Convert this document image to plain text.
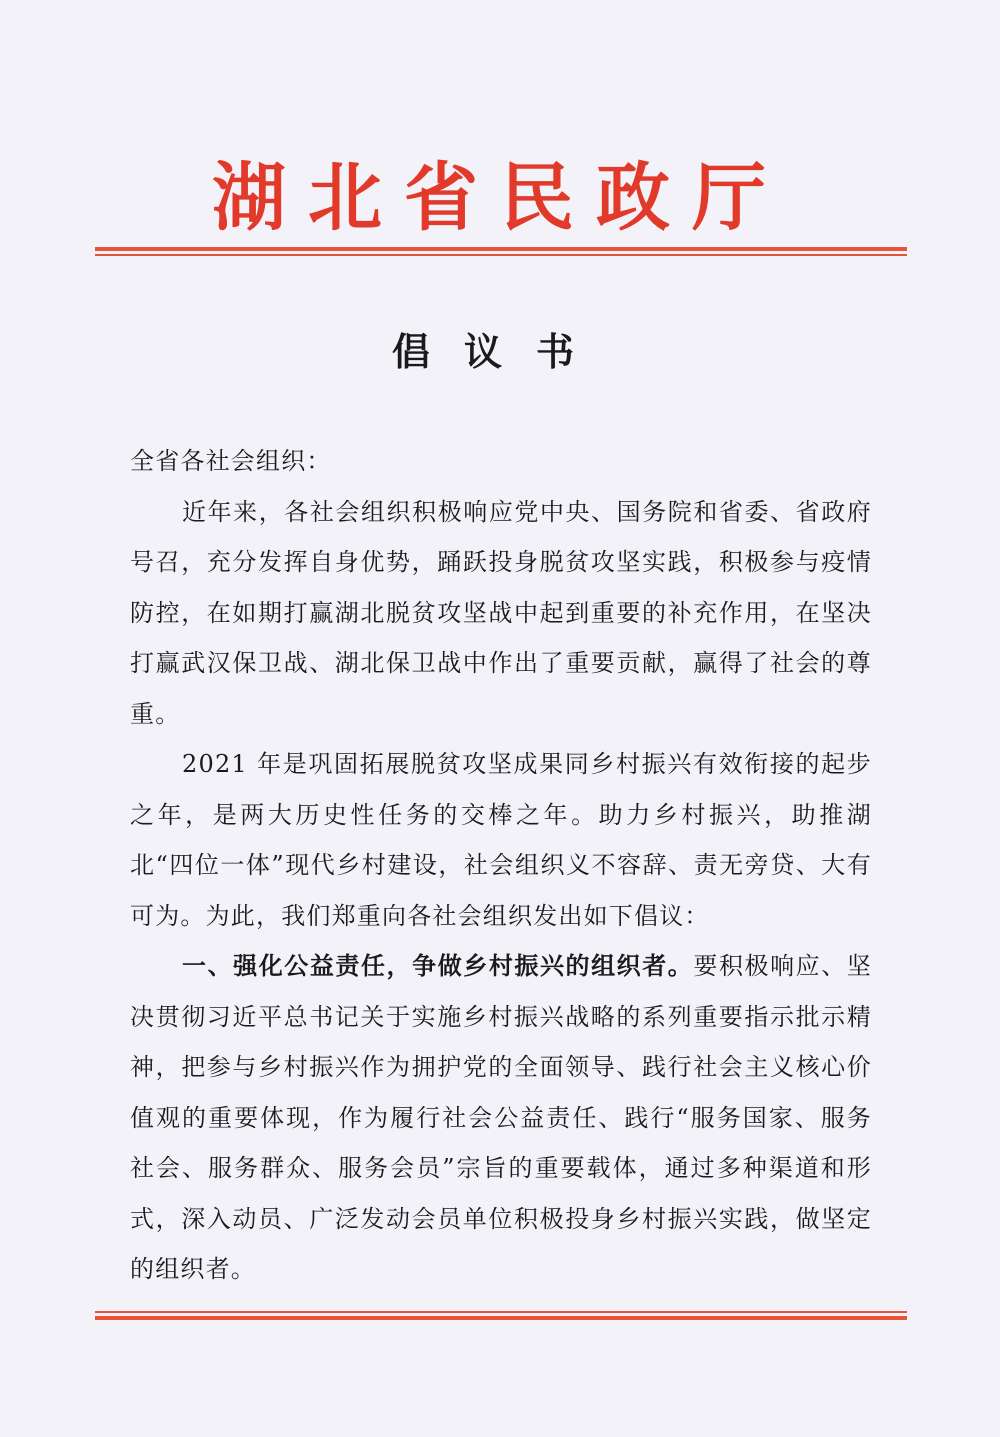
湖北省民政厅
倡议书

全省各社会组织：

近年来，各社会组织积极响应党中央、国务院和省委、省政府号召，充分发挥自身优势，踊跃投身脱贫攻坚实践，积极参与疫情防控，在如期打赢湖北脱贫攻坚战中起到重要的补充作用，在坚决打赢武汉保卫战、湖北保卫战中作出了重要贡献，赢得了社会的尊重。

2021 年是巩固拓展脱贫攻坚成果同乡村振兴有效衔接的起步之年，是两大历史性任务的交棒之年。助力乡村振兴，助推湖北“四位一体”现代乡村建设，社会组织义不容辞、责无旁贷、大有可为。为此，我们郑重向各社会组织发出如下倡议：

一、强化公益责任，争做乡村振兴的组织者。要积极响应、坚决贯彻习近平总书记关于实施乡村振兴战略的系列重要指示批示精神，把参与乡村振兴作为拥护党的全面领导、践行社会主义核心价值观的重要体现，作为履行社会公益责任、践行“服务国家、服务社会、服务群众、服务会员”宗旨的重要载体，通过多种渠道和形式，深入动员、广泛发动会员单位积极投身乡村振兴实践，做坚定的组织者。
